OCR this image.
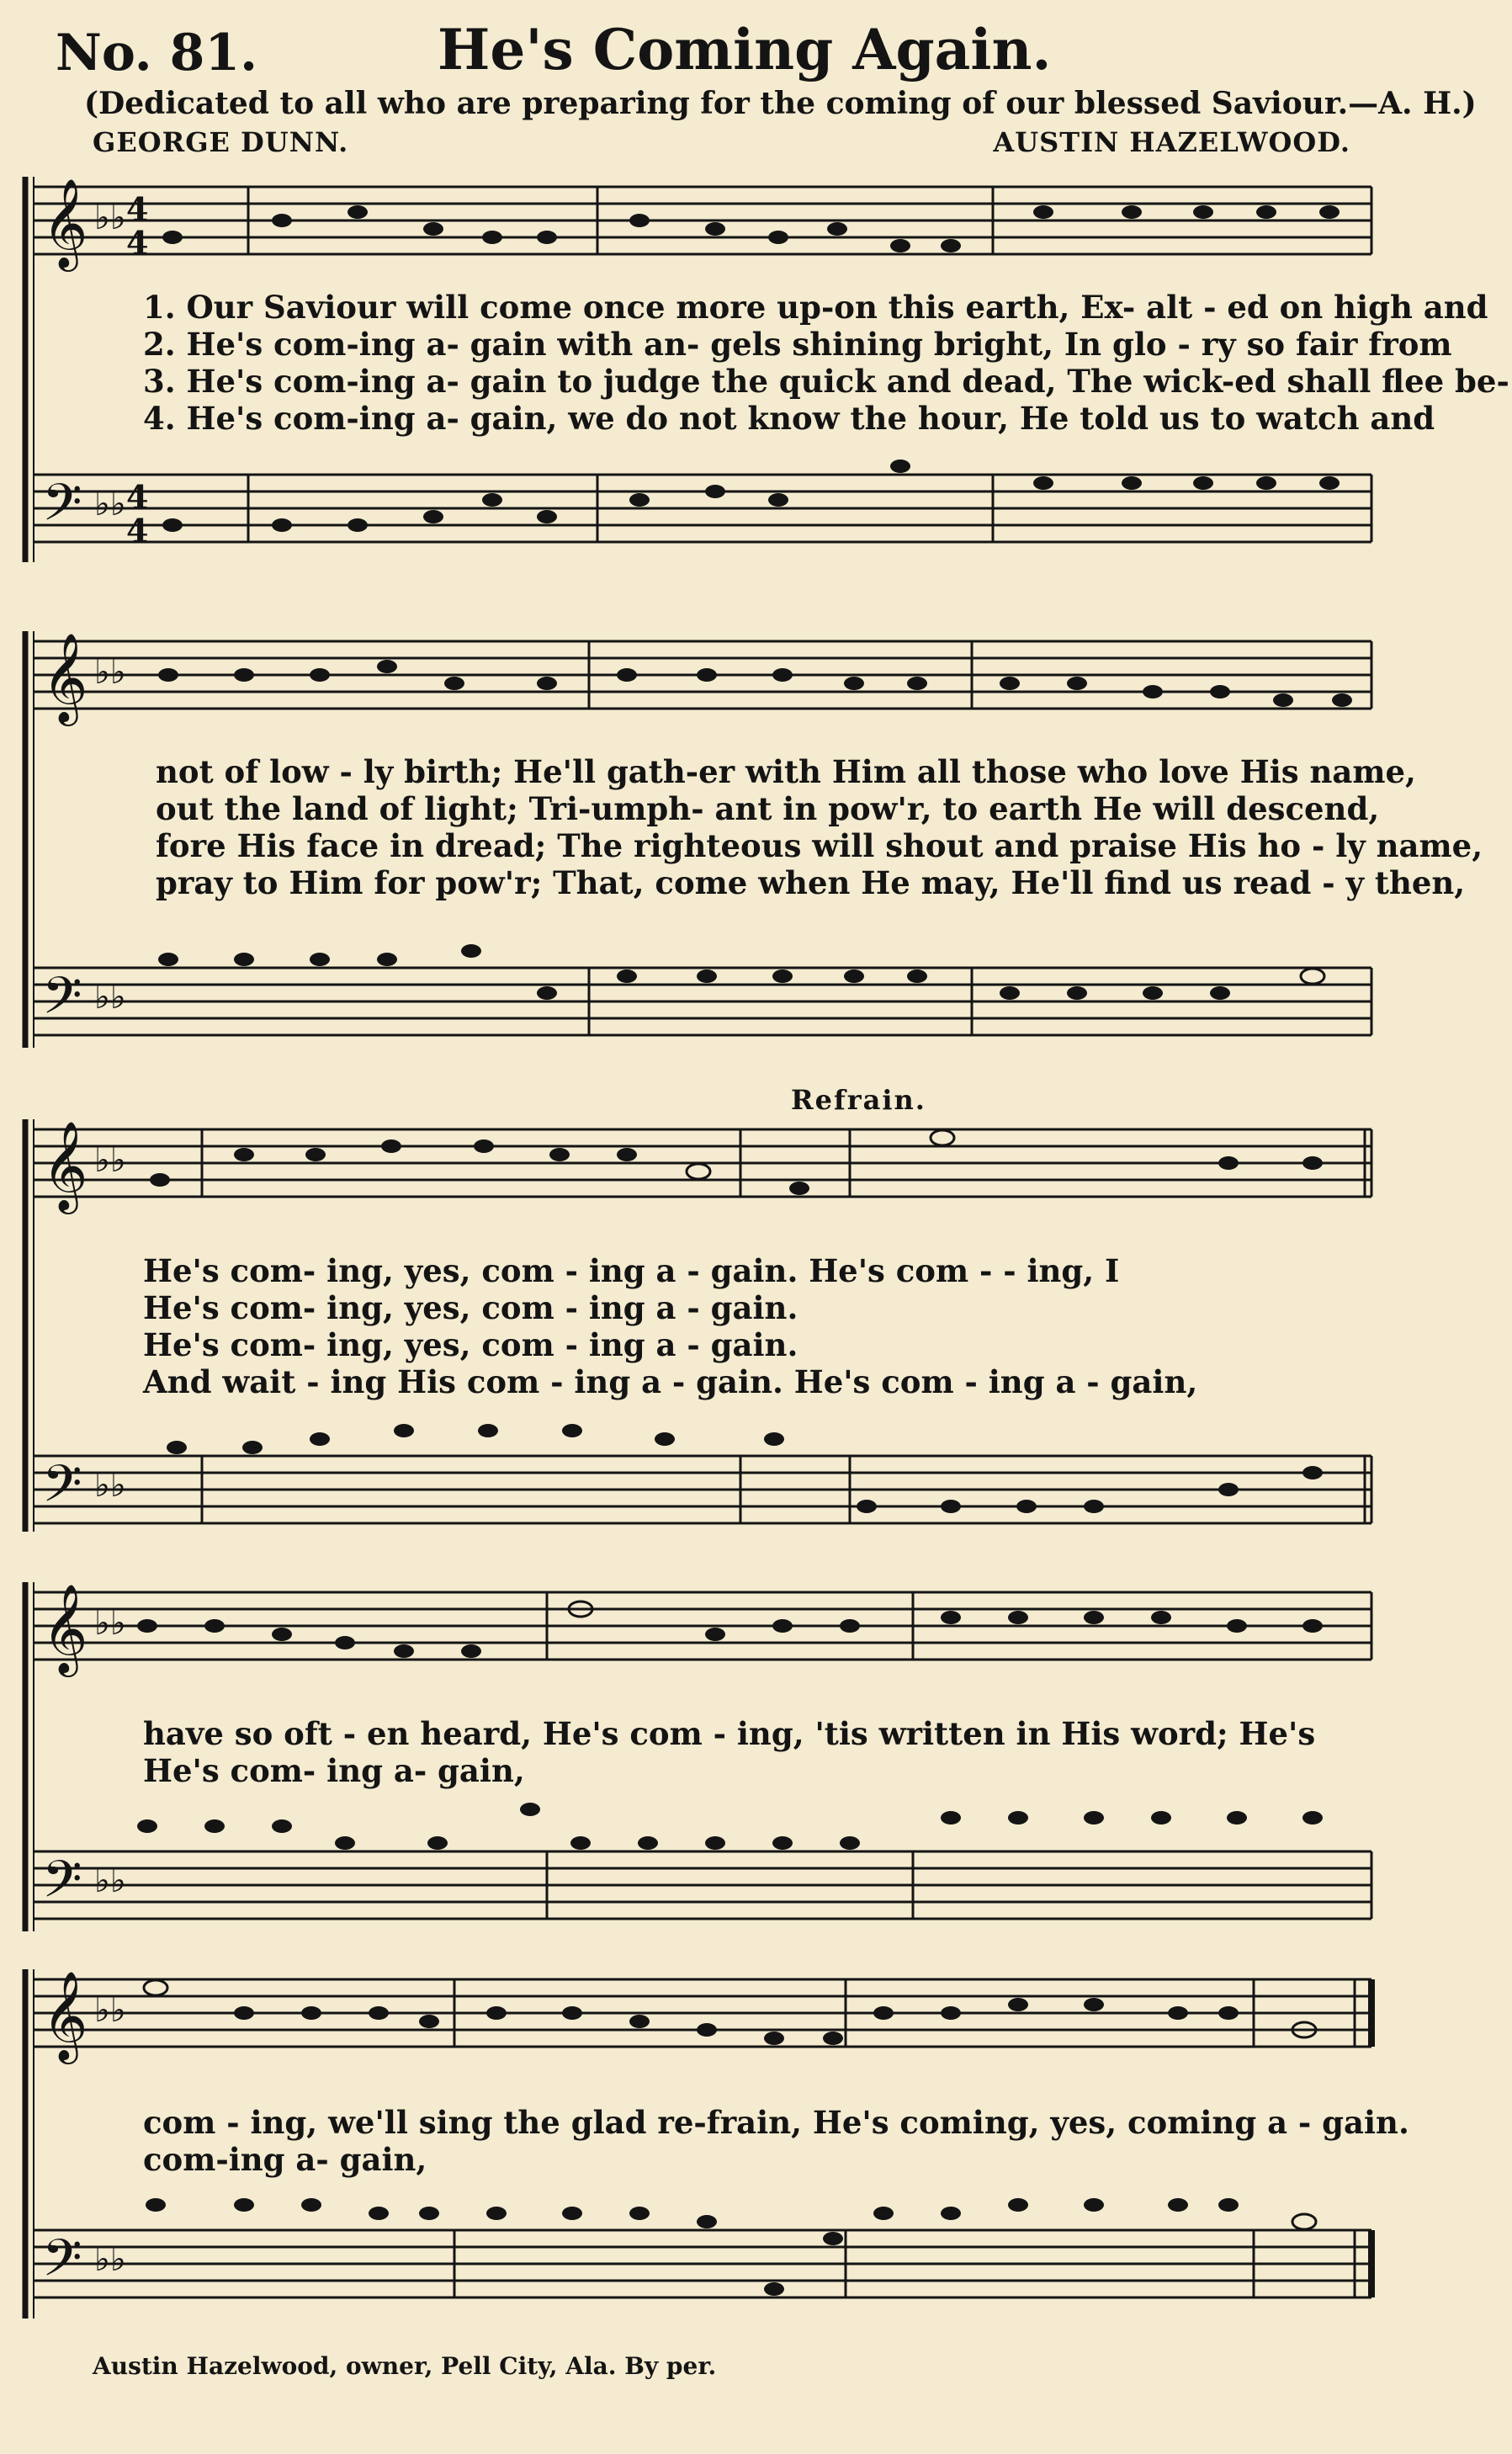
No. 81.	He's Coming Again.
(Dedicated to all who are preparing for the coming of our blessed Saviour.—A. H.)
GEORGE DUNN.	AUSTIN HAZELWOOD.
𝄞 ♭♭ 4
4
𝄢 ♭♭ 4
4
1. Our Saviour will come once more up-on this earth, Ex- alt - ed on high and
2. He's com-ing a- gain with an- gels shining bright, In glo - ry so fair from
3. He's com-ing a- gain to judge the quick and dead, The wick-ed shall flee be-
4. He's com-ing a- gain, we do not know the hour, He told us to watch and
𝄞 ♭♭
𝄢 ♭♭
not of low - ly birth; He'll gath-er with Him all those who love His name,
out the land of light; Tri-umph- ant in pow'r, to earth He will descend,
fore His face in dread; The righteous will shout and praise His ho - ly name,
pray to Him for pow'r; That, come when He may, He'll find us read - y then,
Refrain.
𝄞 ♭♭
𝄢 ♭♭
He's com- ing, yes, com - ing a - gain. He's com - - ing, I
He's com- ing, yes, com - ing a - gain.
He's com- ing, yes, com - ing a - gain.
And wait - ing His com - ing a - gain. He's com - ing a - gain,
𝄞 ♭♭
𝄢 ♭♭
have so oft - en heard, He's com - ing, 'tis written in His word; He's
He's com- ing a- gain,
𝄞 ♭♭
𝄢 ♭♭
com - ing, we'll sing the glad re-frain, He's coming, yes, coming a - gain.
com-ing a- gain,
Austin Hazelwood, owner, Pell City, Ala. By per.
